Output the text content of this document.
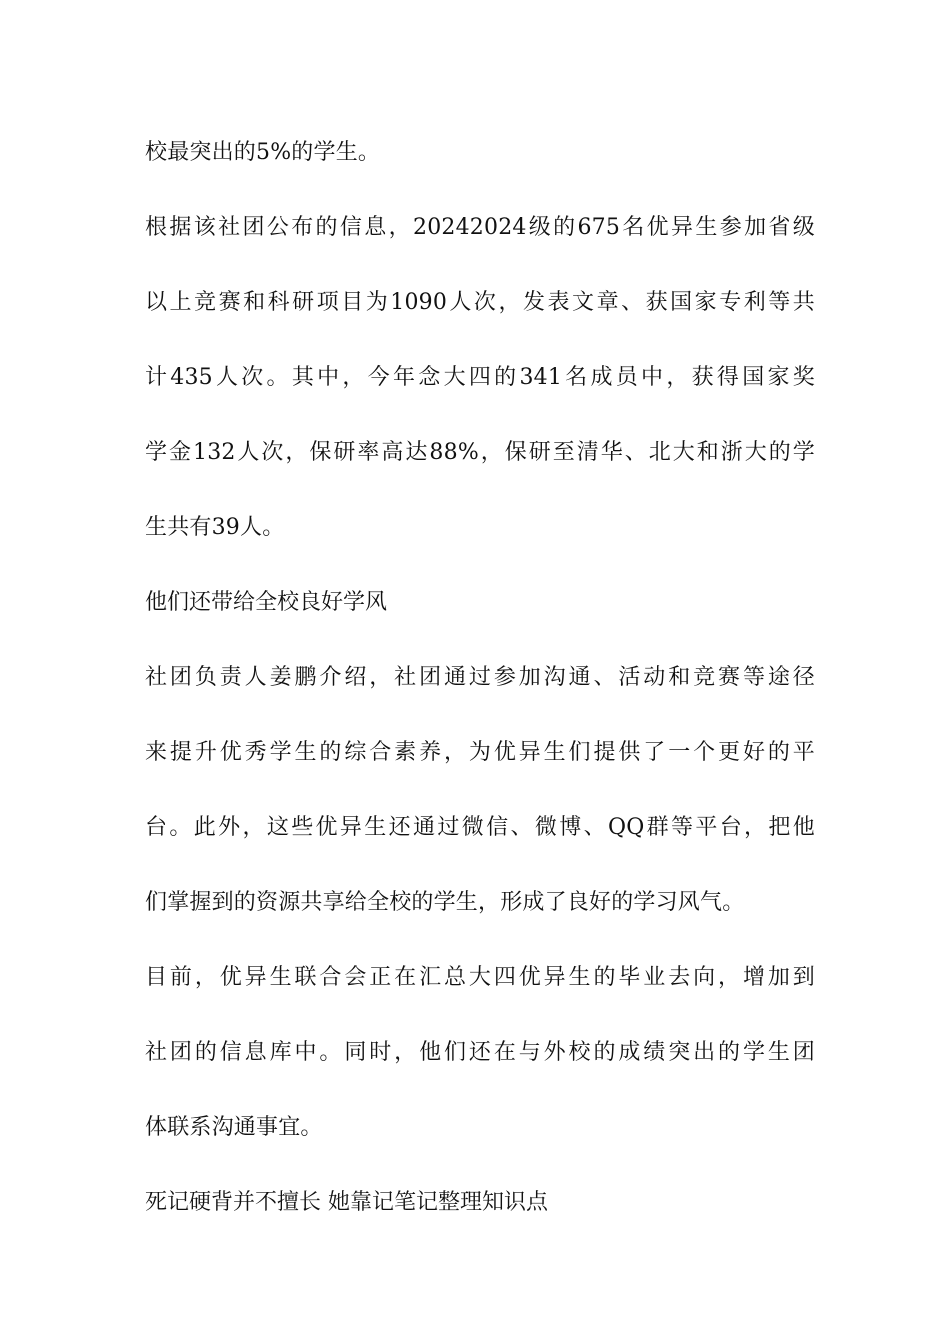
校最突出的5%的学生。

根据该社团公布的信息，20242024级的675名优异生参加省级
以上竞赛和科研项目为1090人次，发表文章、获国家专利等共
计435人次。其中，今年念大四的341名成员中，获得国家奖
学金132人次，保研率高达88%，保研至清华、北大和浙大的学
生共有39人。

他们还带给全校良好学风

社团负责人姜鹏介绍，社团通过参加沟通、活动和竞赛等途径
来提升优秀学生的综合素养，为优异生们提供了一个更好的平
台。此外，这些优异生还通过微信、微博、QQ群等平台，把他
们掌握到的资源共享给全校的学生，形成了良好的学习风气。

目前，优异生联合会正在汇总大四优异生的毕业去向，增加到
社团的信息库中。同时，他们还在与外校的成绩突出的学生团
体联系沟通事宜。

死记硬背并不擅长 她靠记笔记整理知识点
